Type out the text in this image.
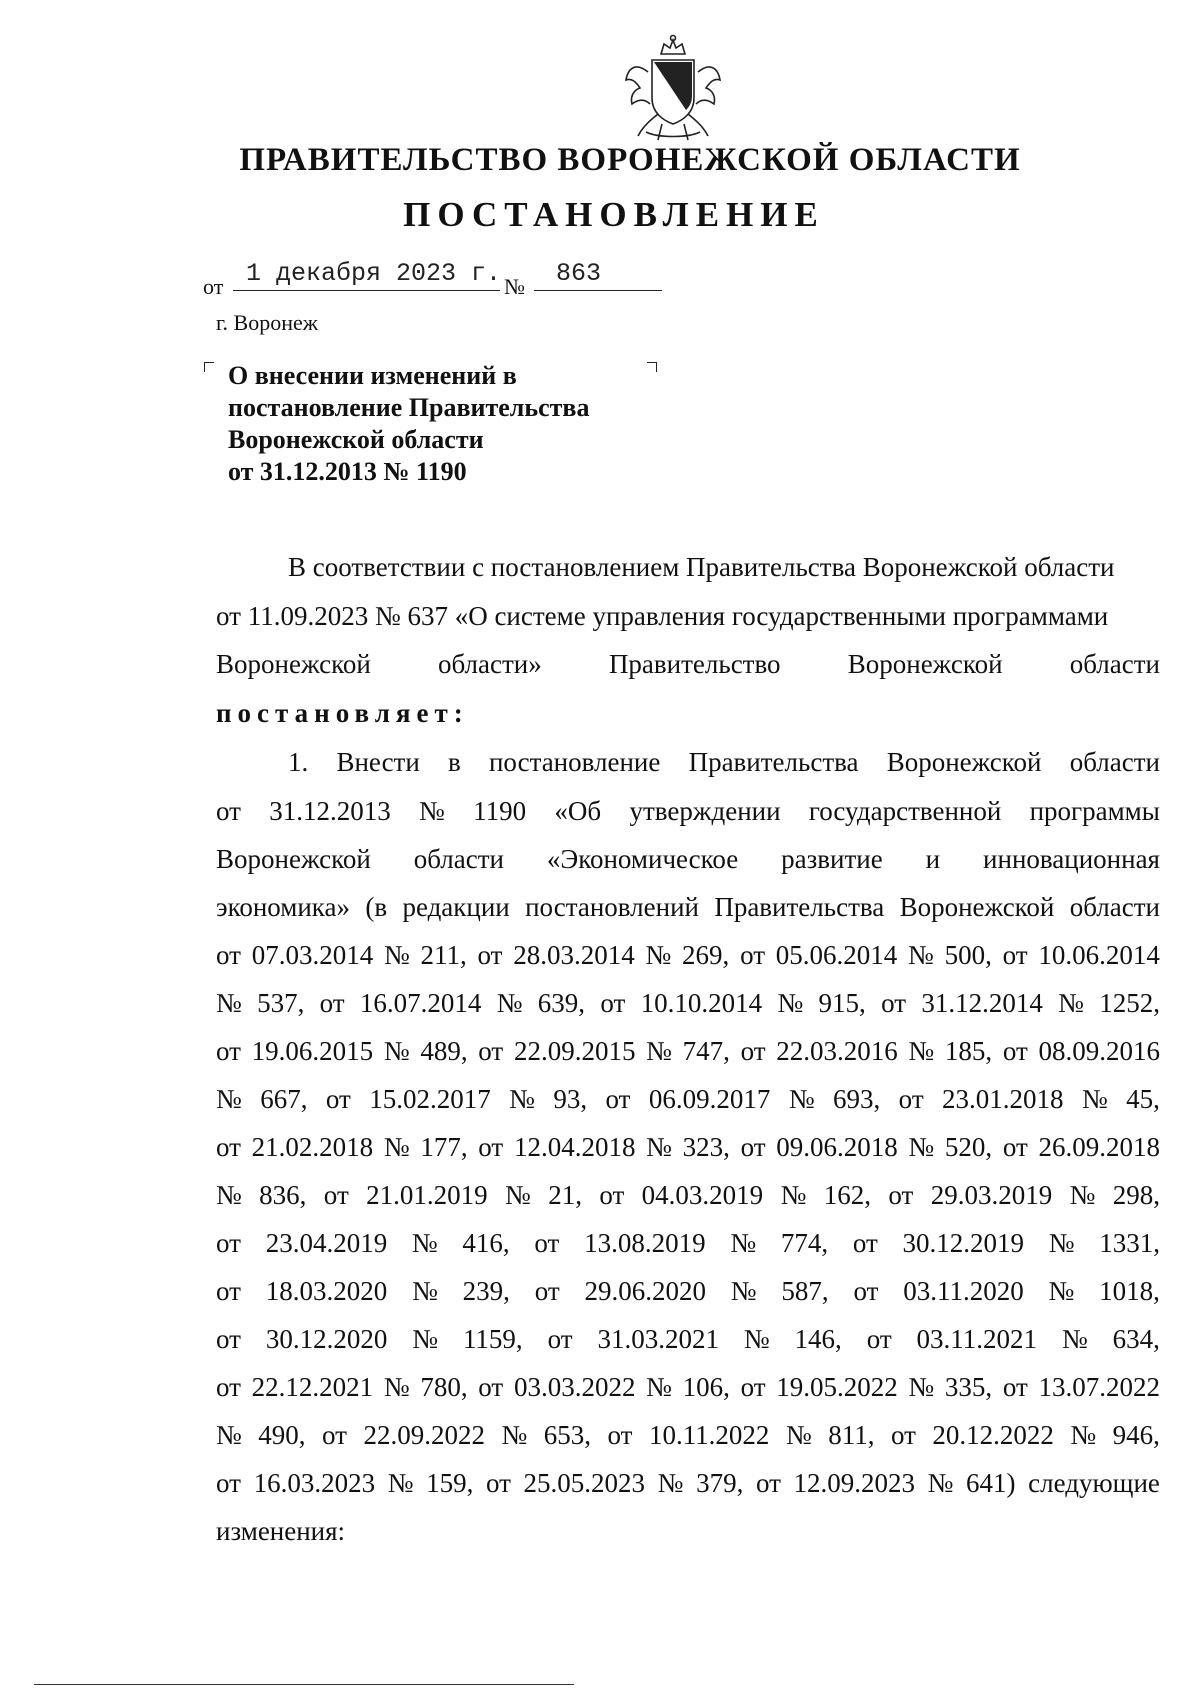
ПРАВИТЕЛЬСТВО ВОРОНЕЖСКОЙ ОБЛАСТИ
ПОСТАНОВЛЕНИЕ
от 1 декабря 2023 г. № 863
г. Воронеж
О внесении изменений в
постановление Правительства
Воронежской области
от 31.12.2013 № 1190
В соответствии с постановлением Правительства Воронежской области
от 11.09.2023 № 637 «О системе управления государственными программами
Воронежской области» Правительство Воронежской области
постановляет:
1. Внести в постановление Правительства Воронежской области
от 31.12.2013 № 1190 «Об утверждении государственной программы
Воронежской области «Экономическое развитие и инновационная
экономика» (в редакции постановлений Правительства Воронежской области
от 07.03.2014 № 211, от 28.03.2014 № 269, от 05.06.2014 № 500, от 10.06.2014
№ 537, от 16.07.2014 № 639, от 10.10.2014 № 915, от 31.12.2014 № 1252,
от 19.06.2015 № 489, от 22.09.2015 № 747, от 22.03.2016 № 185, от 08.09.2016
№ 667, от 15.02.2017 № 93, от 06.09.2017 № 693, от 23.01.2018 № 45,
от 21.02.2018 № 177, от 12.04.2018 № 323, от 09.06.2018 № 520, от 26.09.2018
№ 836, от 21.01.2019 № 21, от 04.03.2019 № 162, от 29.03.2019 № 298,
от 23.04.2019 № 416, от 13.08.2019 № 774, от 30.12.2019 № 1331,
от 18.03.2020 № 239, от 29.06.2020 № 587, от 03.11.2020 № 1018,
от 30.12.2020 № 1159, от 31.03.2021 № 146, от 03.11.2021 № 634,
от 22.12.2021 № 780, от 03.03.2022 № 106, от 19.05.2022 № 335, от 13.07.2022
№ 490, от 22.09.2022 № 653, от 10.11.2022 № 811, от 20.12.2022 № 946,
от 16.03.2023 № 159, от 25.05.2023 № 379, от 12.09.2023 № 641) следующие
изменения:
